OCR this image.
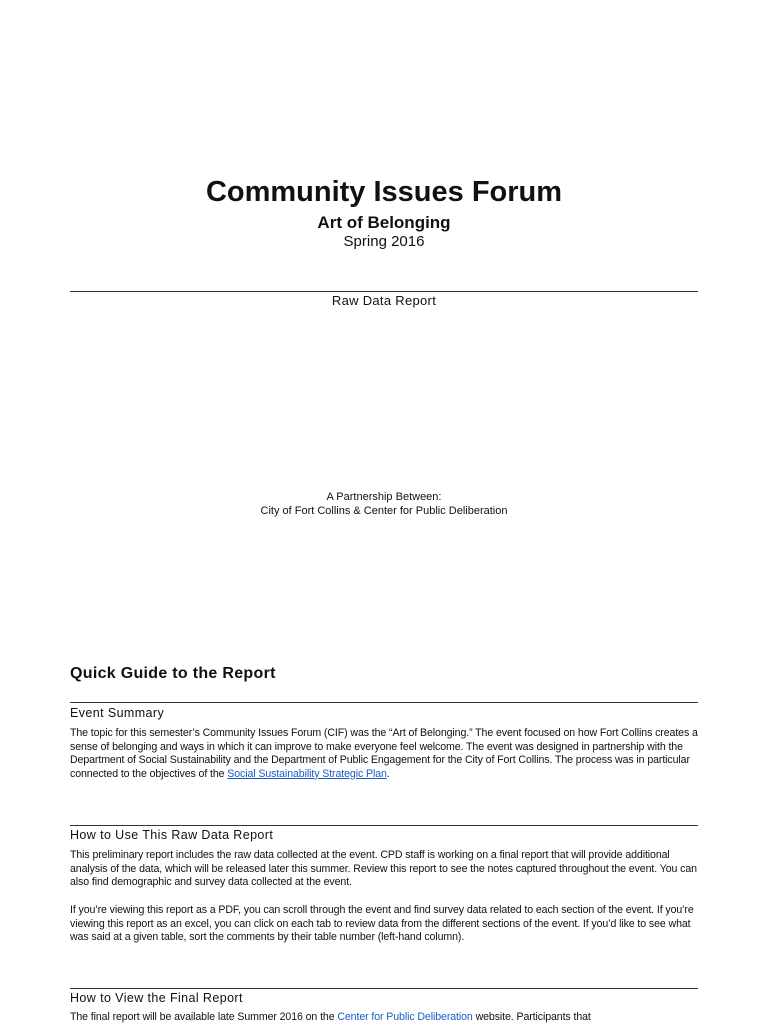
Community Issues Forum
Art of Belonging
Spring 2016
Raw Data Report
A Partnership Between:
City of Fort Collins & Center for Public Deliberation
Quick Guide to the Report
Event Summary
The topic for this semester’s Community Issues Forum (CIF) was the “Art of Belonging.” The event focused on how Fort Collins creates a sense of belonging and ways in which it can improve to make everyone feel welcome. The event was designed in partnership with the Department of Social Sustainability and the Department of Public Engagement for the City of Fort Collins. The process was in particular connected to the objectives of the Social Sustainability Strategic Plan.
How to Use This Raw Data Report
This preliminary report includes the raw data collected at the event. CPD staff is working on a final report that will provide additional analysis of the data, which will be released later this summer. Review this report to see the notes captured throughout the event. You can also find demographic and survey data collected at the event.
If you’re viewing this report as a PDF, you can scroll through the event and find survey data related to each section of the event. If you’re viewing this report as an excel, you can click on each tab to review data from the different sections of the event. If you’d like to see what was said at a given table, sort the comments by their table number (left-hand column).
How to View the Final Report
The final report will be available late Summer 2016 on the Center for Public Deliberation website. Participants that
